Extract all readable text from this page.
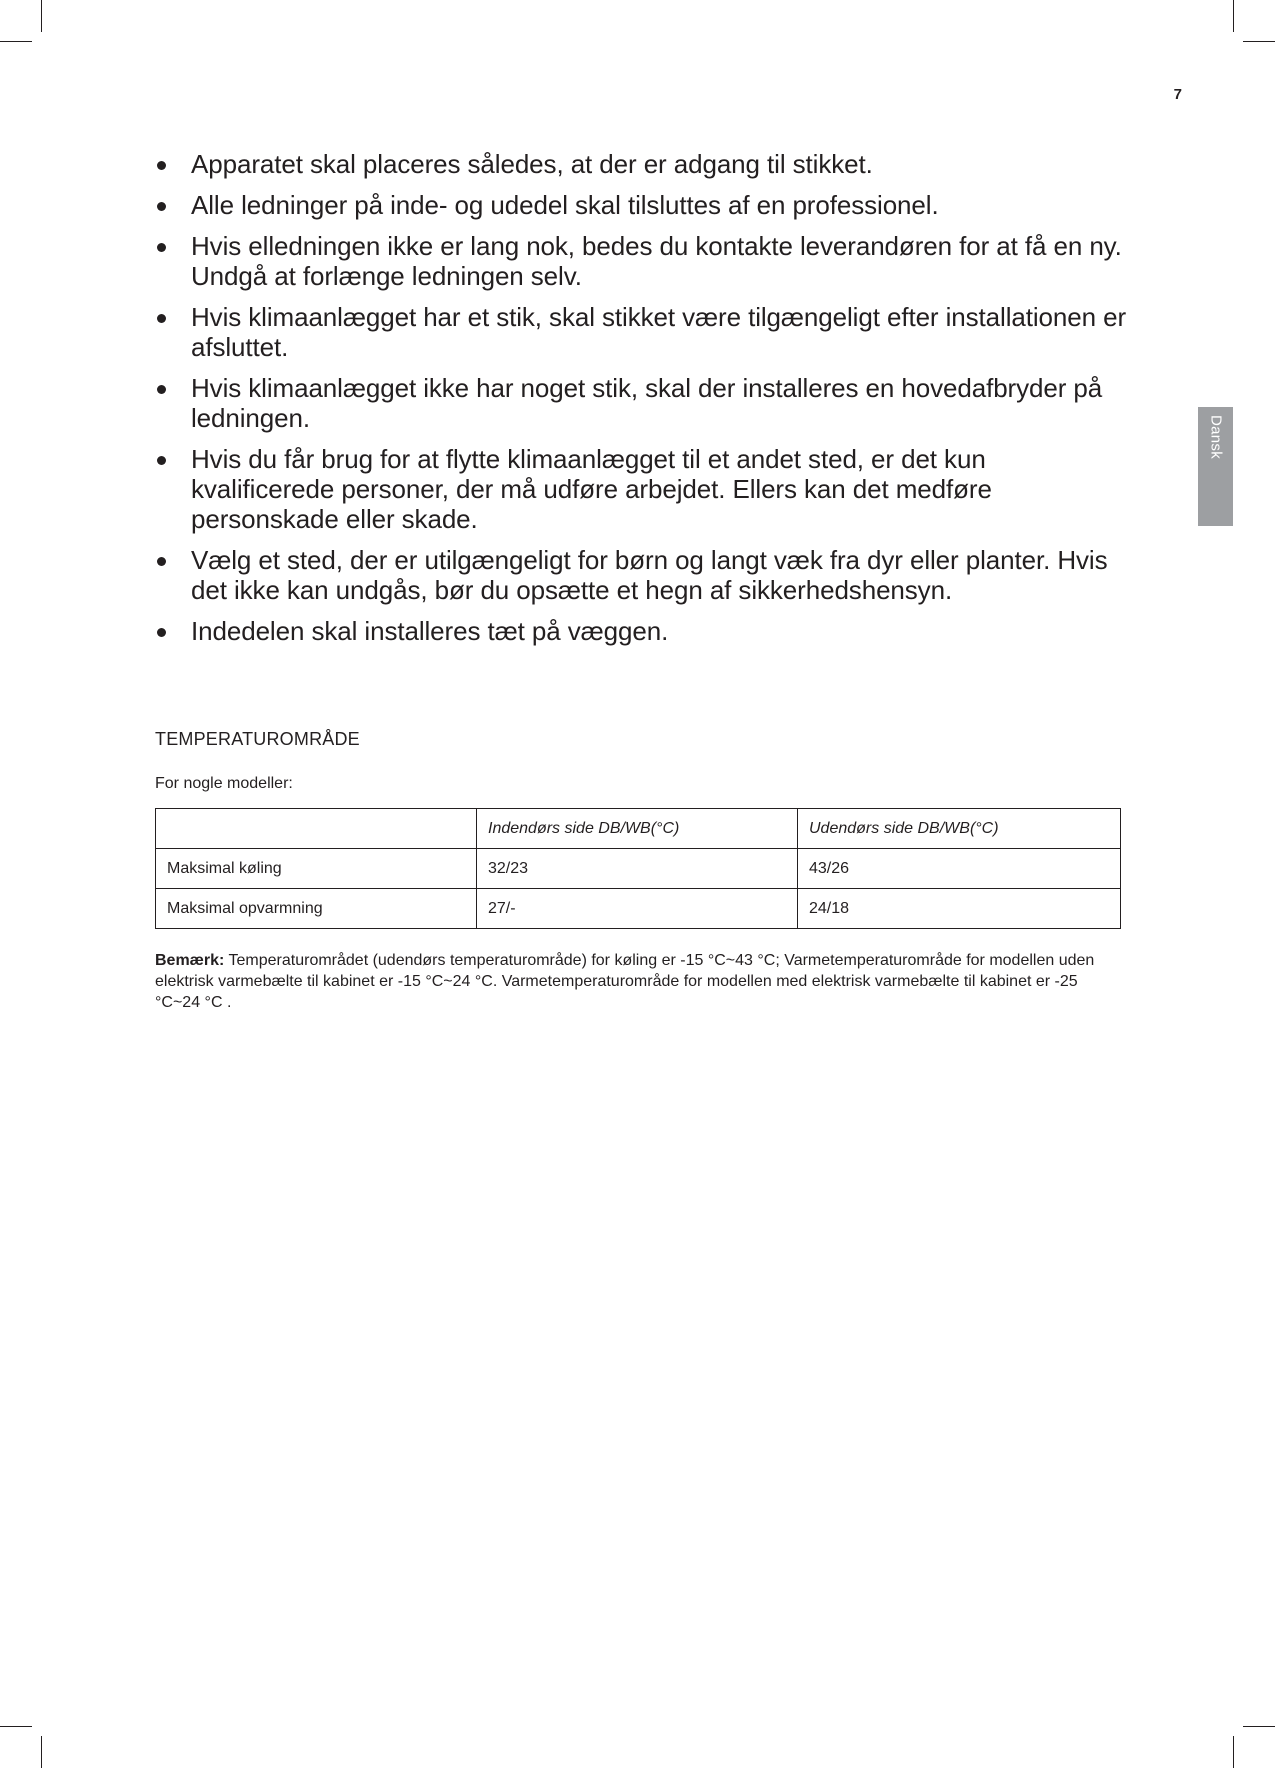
7
Dansk
Apparatet skal placeres således, at der er adgang til stikket.
Alle ledninger på inde- og udedel skal tilsluttes af en professionel.
Hvis elledningen ikke er lang nok, bedes du kontakte leverandøren for at få en ny. Undgå at forlænge ledningen selv.
Hvis klimaanlægget har et stik, skal stikket være tilgængeligt efter installationen er afsluttet.
Hvis klimaanlægget ikke har noget stik, skal der installeres en hovedafbryder på ledningen.
Hvis du får brug for at flytte klimaanlægget til et andet sted, er det kun kvalificerede personer, der må udføre arbejdet. Ellers kan det medføre personskade eller skade.
Vælg et sted, der er utilgængeligt for børn og langt væk fra dyr eller planter. Hvis det ikke kan undgås, bør du opsætte et hegn af sikkerhedshensyn.
Indedelen skal installeres tæt på væggen.
TEMPERATUROMRÅDE
For nogle modeller:
	Indendørs side DB/WB(°C)	Udendørs side DB/WB(°C)
Maksimal køling	32/23	43/26
Maksimal opvarmning	27/-	24/18
Bemærk: Temperaturområdet (udendørs temperaturområde) for køling er -15 °C~43 °C; Varmetemperaturområde for modellen uden elektrisk varmebælte til kabinet er -15 °C~24 °C. Varmetemperaturområde for modellen med elektrisk varmebælte til kabinet er -25 °C~24 °C .
